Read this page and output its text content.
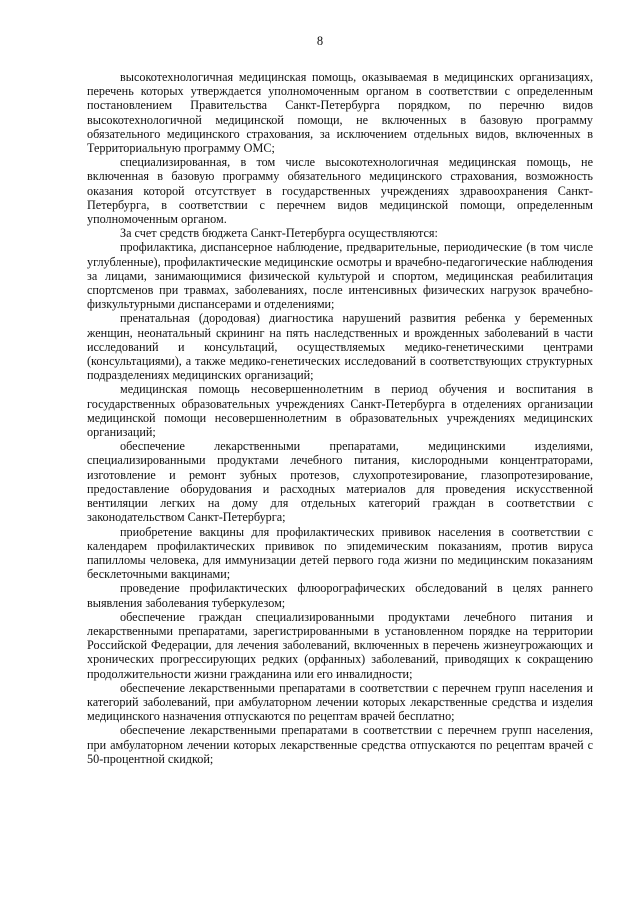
8

высокотехнологичная медицинская помощь, оказываемая в медицинских организациях, перечень которых утверждается уполномоченным органом в соответствии с определенным постановлением Правительства Санкт-Петербурга порядком, по перечню видов высокотехнологичной медицинской помощи, не включенных в базовую программу обязательного медицинского страхования, за исключением отдельных видов, включенных в Территориальную программу ОМС;

специализированная, в том числе высокотехнологичная медицинская помощь, не включенная в базовую программу обязательного медицинского страхования, возможность оказания которой отсутствует в государственных учреждениях здравоохранения Санкт-Петербурга, в соответствии с перечнем видов медицинской помощи, определенным уполномоченным органом.

За счет средств бюджета Санкт-Петербурга осуществляются:

профилактика, диспансерное наблюдение, предварительные, периодические (в том числе углубленные), профилактические медицинские осмотры и врачебно-педагогические наблюдения за лицами, занимающимися физической культурой и спортом, медицинская реабилитация спортсменов при травмах, заболеваниях, после интенсивных физических нагрузок врачебно-физкультурными диспансерами и отделениями;

пренатальная (дородовая) диагностика нарушений развития ребенка у беременных женщин, неонатальный скрининг на пять наследственных и врожденных заболеваний в части исследований и консультаций, осуществляемых медико-генетическими центрами (консультациями), а также медико-генетических исследований в соответствующих структурных подразделениях медицинских организаций;

медицинская помощь несовершеннолетним в период обучения и воспитания в государственных образовательных учреждениях Санкт-Петербурга в отделениях организации медицинской помощи несовершеннолетним в образовательных учреждениях медицинских организаций;

обеспечение лекарственными препаратами, медицинскими изделиями, специализированными продуктами лечебного питания, кислородными концентраторами, изготовление и ремонт зубных протезов, слухопротезирование, глазопротезирование, предоставление оборудования и расходных материалов для проведения искусственной вентиляции легких на дому для отдельных категорий граждан в соответствии с законодательством Санкт-Петербурга;

приобретение вакцины для профилактических прививок населения в соответствии с календарем профилактических прививок по эпидемическим показаниям, против вируса папилломы человека, для иммунизации детей первого года жизни по медицинским показаниям бесклеточными вакцинами;

проведение профилактических флюорографических обследований в целях раннего выявления заболевания туберкулезом;

обеспечение граждан специализированными продуктами лечебного питания и лекарственными препаратами, зарегистрированными в установленном порядке на территории Российской Федерации, для лечения заболеваний, включенных в перечень жизнеугрожающих и хронических прогрессирующих редких (орфанных) заболеваний, приводящих к сокращению продолжительности жизни гражданина или его инвалидности;

обеспечение лекарственными препаратами в соответствии с перечнем групп населения и категорий заболеваний, при амбулаторном лечении которых лекарственные средства и изделия медицинского назначения отпускаются по рецептам врачей бесплатно;

обеспечение лекарственными препаратами в соответствии с перечнем групп населения, при амбулаторном лечении которых лекарственные средства отпускаются по рецептам врачей с 50-процентной скидкой;
